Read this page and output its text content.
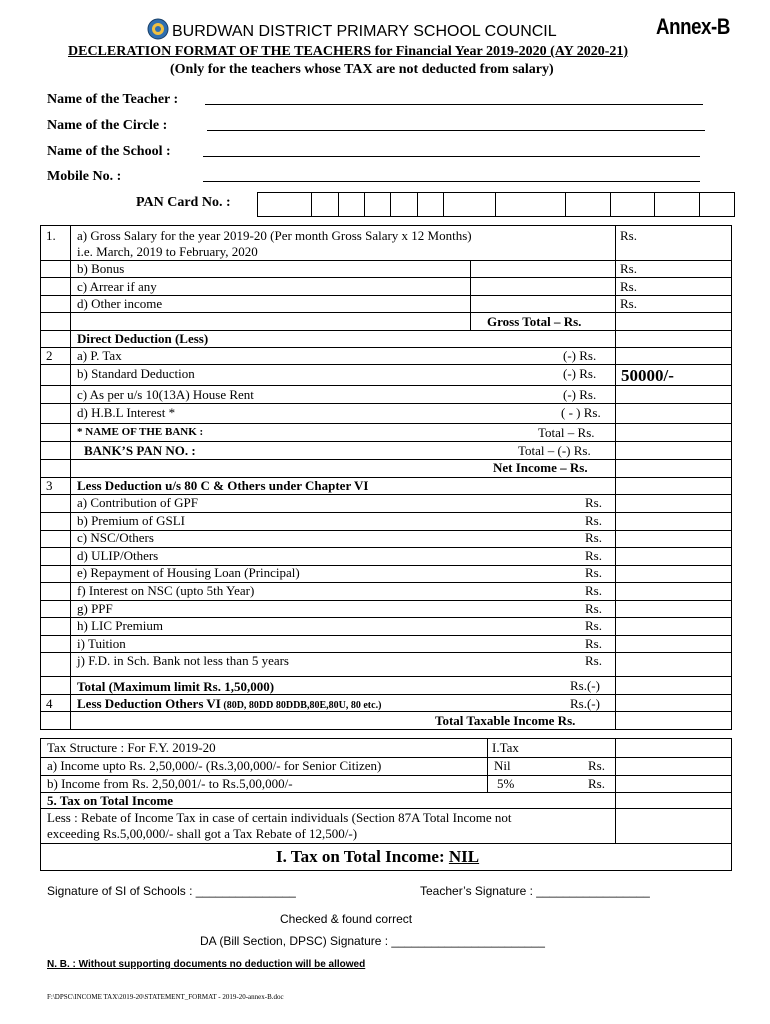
BURDWAN DISTRICT PRIMARY SCHOOL COUNCIL	Annex-B
DECLERATION FORMAT OF THE TEACHERS for Financial Year 2019-2020 (AY 2020-21)
(Only for the teachers whose TAX are not deducted from salary)
Name of the Teacher :
Name of the Circle :
Name of the School :
Mobile No. :
PAN Card No. :
1. a) Gross Salary for the year 2019-20 (Per month Gross Salary x 12 Months)
i.e. March, 2019 to February, 2020
Rs.
b) Bonus	Rs.
c) Arrear if any	Rs.
d) Other income	Rs.
Gross Total – Rs.
Direct Deduction (Less)
2 a) P. Tax	(-) Rs.
b) Standard Deduction	(-) Rs. 50000/-
c) As per u/s 10(13A) House Rent	(-) Rs.
d) H.B.L Interest *	( - ) Rs.
* NAME OF THE BANK :	Total – Rs.
BANK’S PAN NO. :	Total – (-) Rs.
Net Income – Rs.
3 Less Deduction u/s 80 C & Others under Chapter VI
a) Contribution of GPF	Rs.
b) Premium of GSLI	Rs.
c) NSC/Others	Rs.
d) ULIP/Others	Rs.
e) Repayment of Housing Loan (Principal)	Rs.
f) Interest on NSC (upto 5th Year)	Rs.
g) PPF	Rs.
h) LIC Premium	Rs.
i) Tuition	Rs.
j) F.D. in Sch. Bank not less than 5 years	Rs.
Total (Maximum limit Rs. 1,50,000)	Rs.(-)
4 Less Deduction Others VI (80D, 80DD 80DDB,80E,80U, 80 etc.)	Rs.(-)
Total Taxable Income Rs.
Tax Structure : For F.Y. 2019-20	I.Tax
a) Income upto Rs. 2,50,000/- (Rs.3,00,000/- for Senior Citizen)	Nil	Rs.
b) Income from Rs. 2,50,001/- to Rs.5,00,000/-	5%	Rs.
5. Tax on Total Income
Less : Rebate of Income Tax in case of certain individuals (Section 87A Total Income not
exceeding Rs.5,00,000/- shall got a Tax Rebate of 12,500/-)
I. Tax on Total Income: NIL
Signature of SI of Schools : _______________	Teacher’s Signature : _________________
Checked & found correct
DA (Bill Section, DPSC) Signature : _______________________
N. B. : Without supporting documents no deduction will be allowed
F:\DPSC\INCOME TAX\2019-20\STATEMENT_FORMAT - 2019-20-annex-B.doc
